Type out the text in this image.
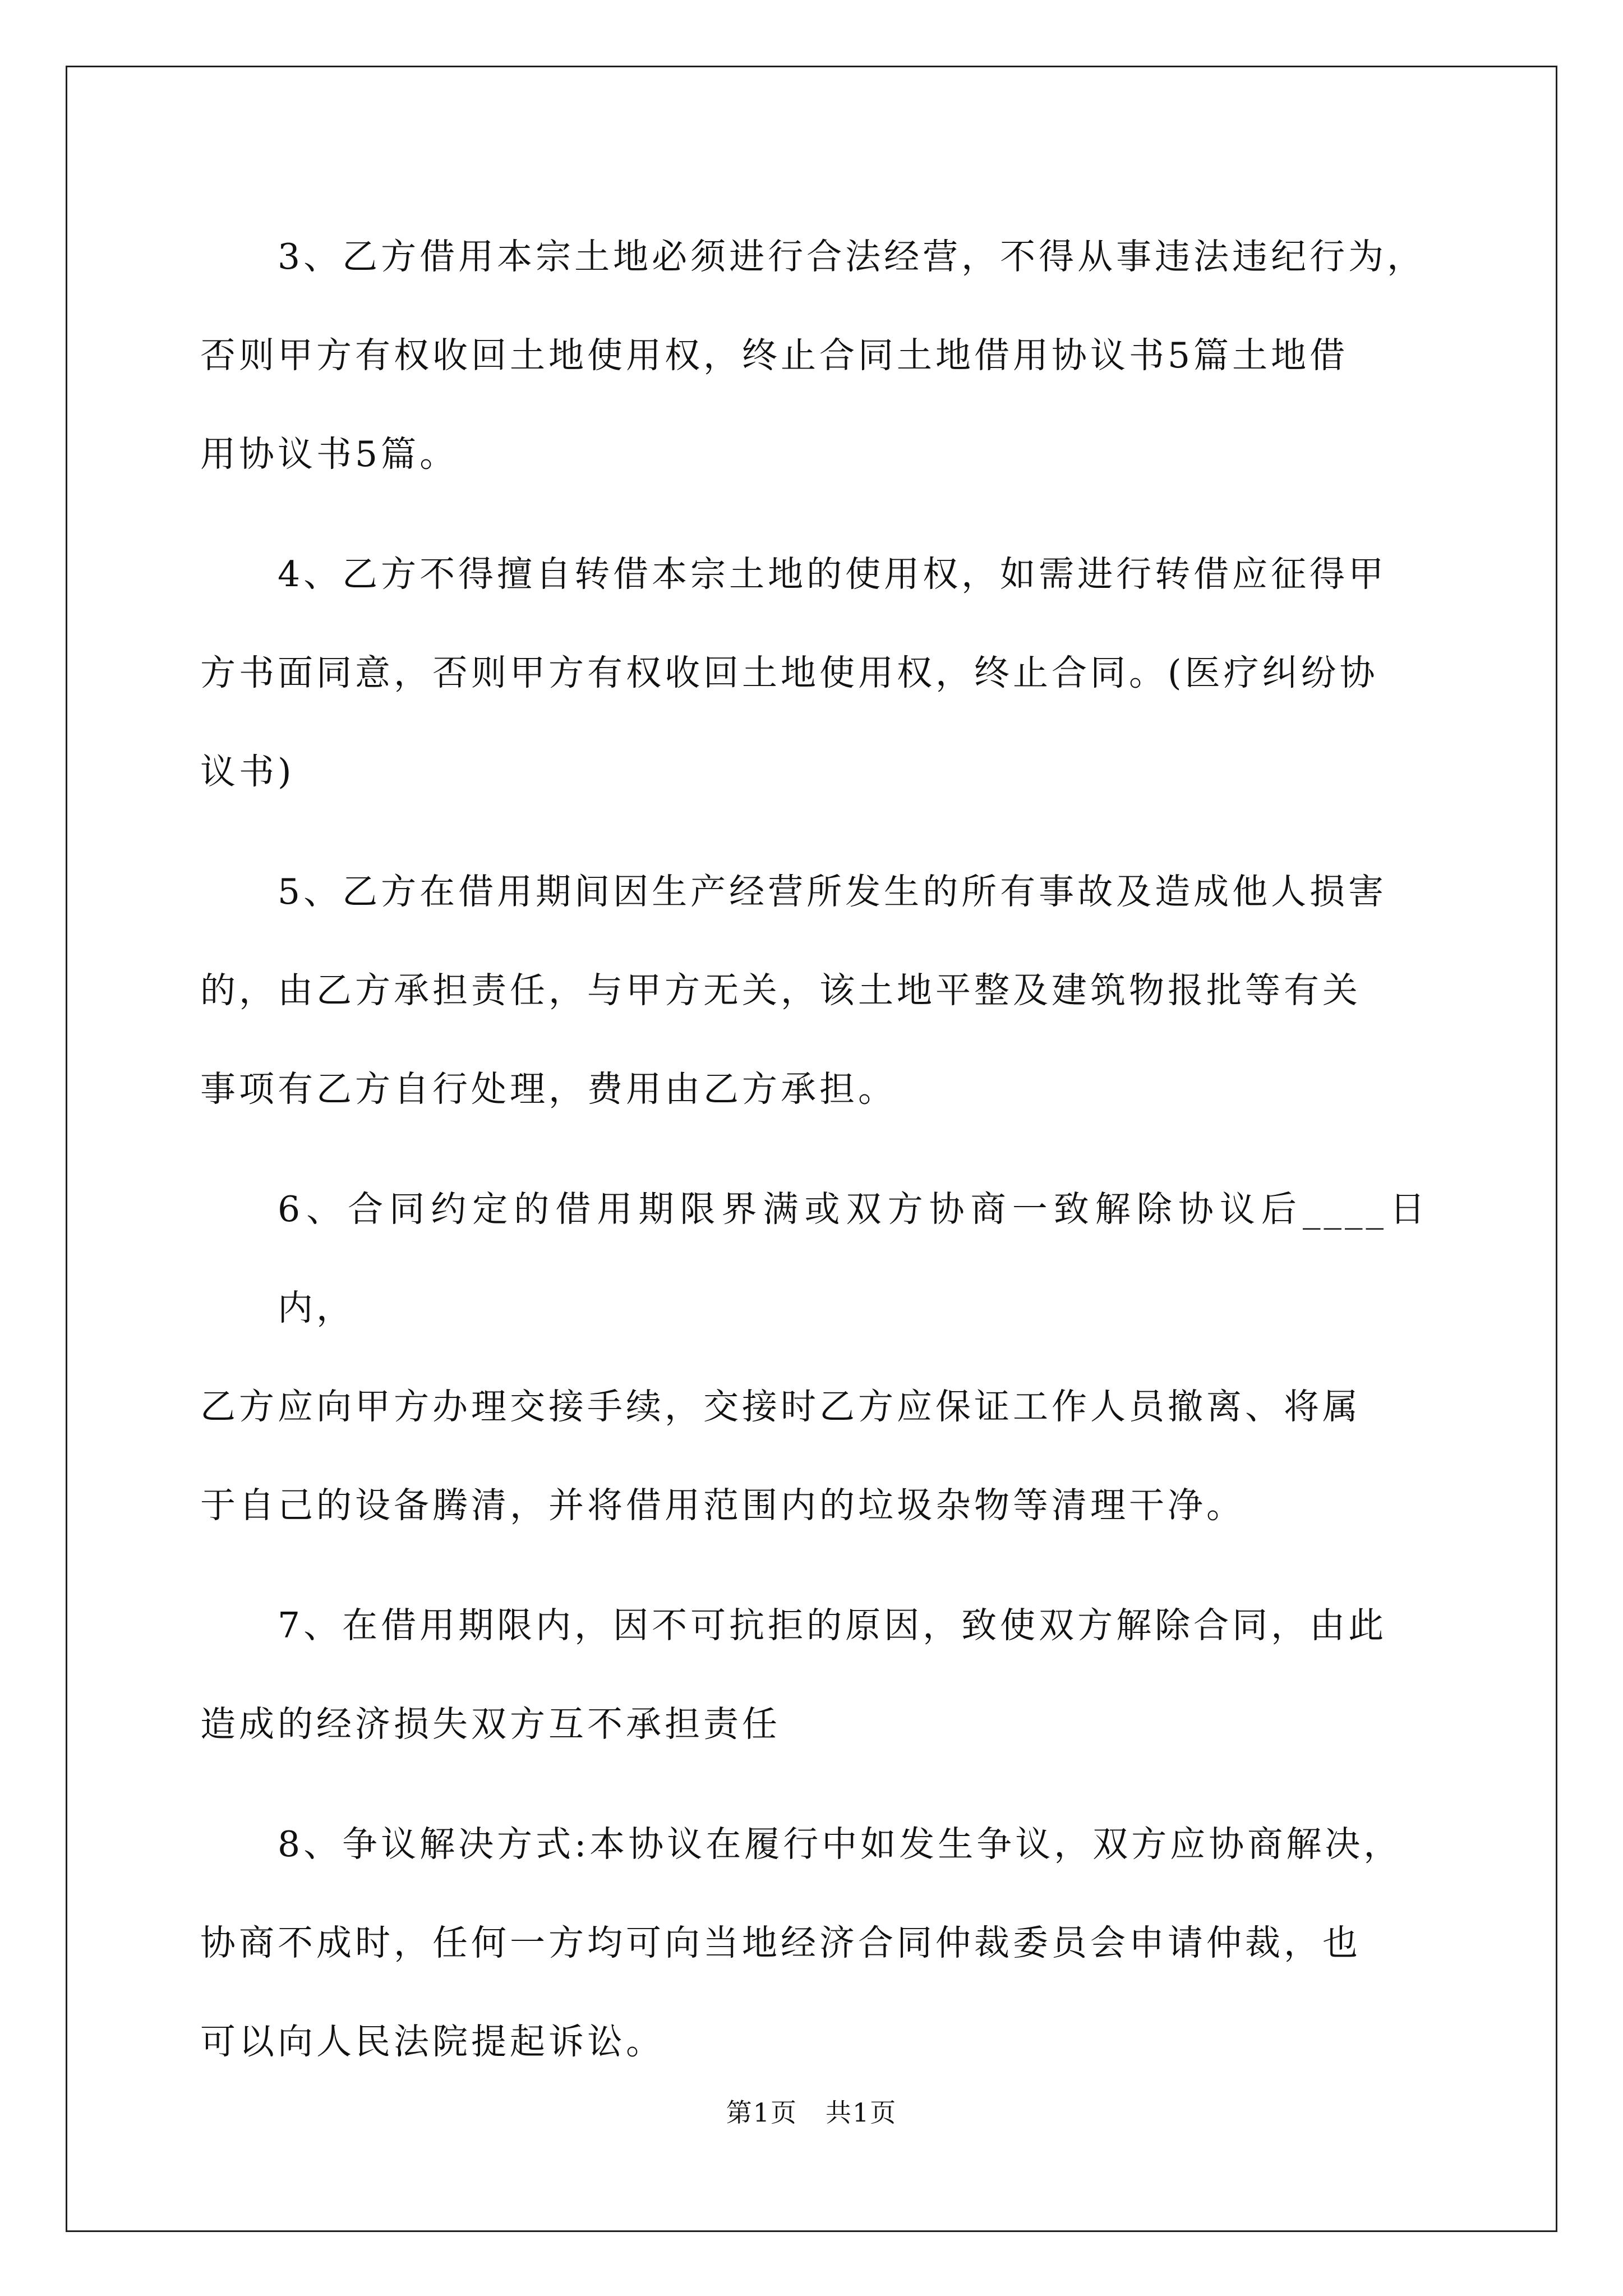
3、乙方借用本宗土地必须进行合法经营，不得从事违法违纪行为，
否则甲方有权收回土地使用权，终止合同土地借用协议书5篇土地借
用协议书5篇。

4、乙方不得擅自转借本宗土地的使用权，如需进行转借应征得甲
方书面同意，否则甲方有权收回土地使用权，终止合同。(医疗纠纷协
议书)

5、乙方在借用期间因生产经营所发生的所有事故及造成他人损害
的，由乙方承担责任，与甲方无关，该土地平整及建筑物报批等有关
事项有乙方自行处理，费用由乙方承担。

6、合同约定的借用期限界满或双方协商一致解除协议后____日内，
乙方应向甲方办理交接手续，交接时乙方应保证工作人员撤离、将属
于自己的设备腾清，并将借用范围内的垃圾杂物等清理干净。

7、在借用期限内，因不可抗拒的原因，致使双方解除合同，由此
造成的经济损失双方互不承担责任

8、争议解决方式:本协议在履行中如发生争议，双方应协商解决，
协商不成时，任何一方均可向当地经济合同仲裁委员会申请仲裁，也
可以向人民法院提起诉讼。

第1页 共1页
